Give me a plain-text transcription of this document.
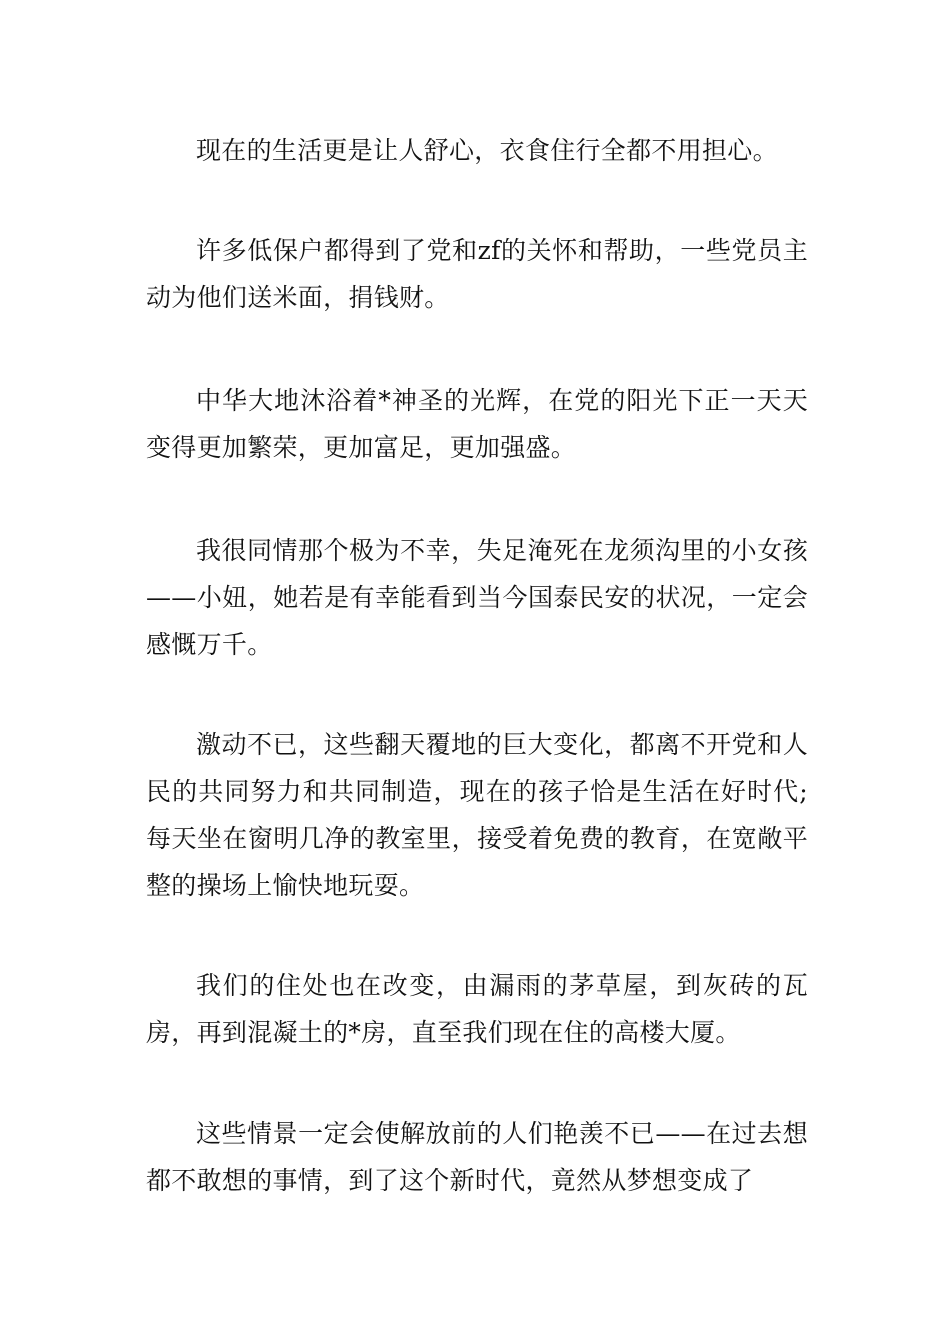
现在的生活更是让人舒心，衣食住行全都不用担心。

许多低保户都得到了党和zf的关怀和帮助，一些党员主动为他们送米面，捐钱财。

中华大地沐浴着*神圣的光辉，在党的阳光下正一天天变得更加繁荣，更加富足，更加强盛。

我很同情那个极为不幸，失足淹死在龙须沟里的小女孩——小妞，她若是有幸能看到当今国泰民安的状况，一定会感慨万千。

激动不已，这些翻天覆地的巨大变化，都离不开党和人民的共同努力和共同制造，现在的孩子恰是生活在好时代;每天坐在窗明几净的教室里，接受着免费的教育，在宽敞平整的操场上愉快地玩耍。

我们的住处也在改变，由漏雨的茅草屋，到灰砖的瓦房，再到混凝土的*房，直至我们现在住的高楼大厦。

这些情景一定会使解放前的人们艳羡不已——在过去想都不敢想的事情，到了这个新时代，竟然从梦想变成了
